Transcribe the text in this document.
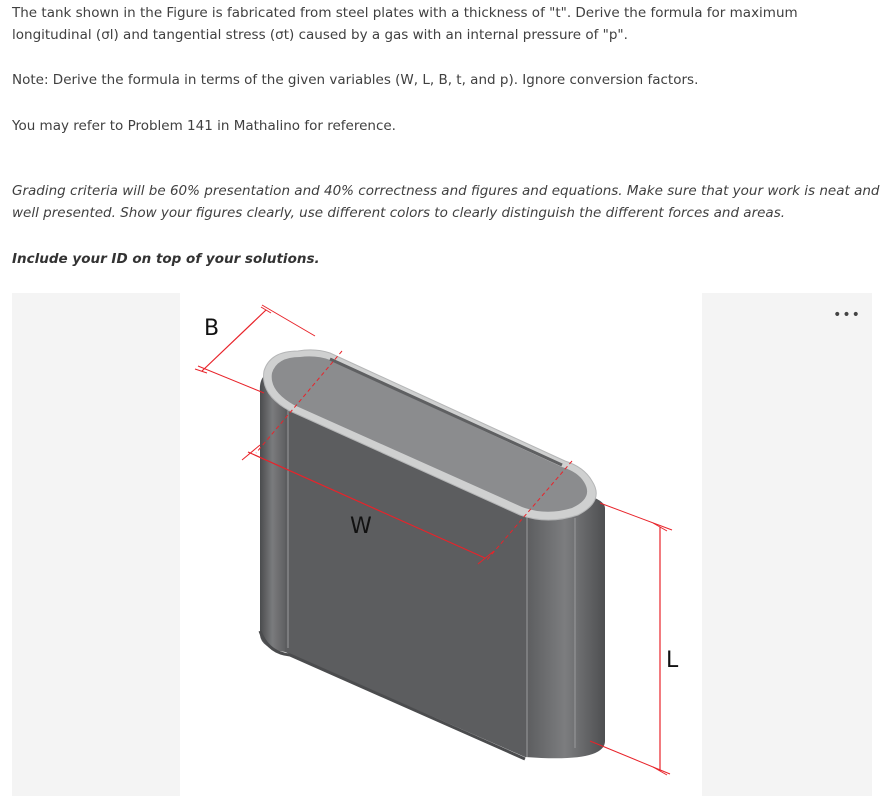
The tank shown in the Figure is fabricated from steel plates with a thickness of "t". Derive the formula for maximum longitudinal (σl) and tangential stress (σt) caused by a gas with an internal pressure of "p".

Note: Derive the formula in terms of the given variables (W, L, B, t, and p). Ignore conversion factors.

You may refer to Problem 141 in Mathalino for reference.

Grading criteria will be 60% presentation and 40% correctness and figures and equations. Make sure that your work is neat and well presented. Show your figures clearly, use different colors to clearly distinguish the different forces and areas.

Include your ID on top of your solutions.

•••
B
W
L
